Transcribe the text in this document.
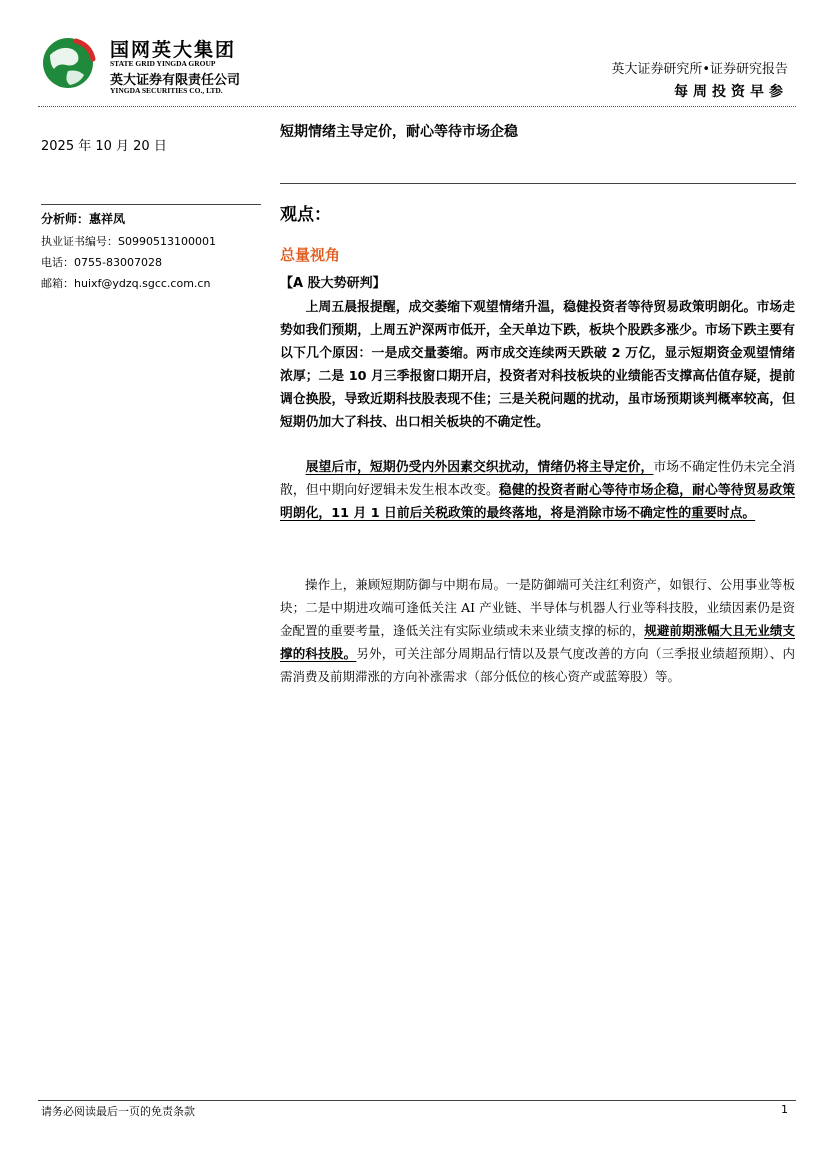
国网英大集团
STATE GRID YINGDA GROUP
英大证券有限责任公司
YINGDA SECURITIES CO., LTD.
英大证券研究所•证券研究报告
每周投资早参
2025 年 10 月 20 日
短期情绪主导定价，耐心等待市场企稳
分析师：惠祥凤
执业证书编号：S0990513100001
电话：0755-83007028
邮箱：huixf@ydzq.sgcc.com.cn
观点：
总量视角
【A 股大势研判】

上周五晨报提醒，成交萎缩下观望情绪升温，稳健投资者等待贸易政策明朗化。市场走势如我们预期，上周五沪深两市低开，全天单边下跌，板块个股跌多涨少。市场下跌主要有以下几个原因：一是成交量萎缩。两市成交连续两天跌破 2 万亿，显示短期资金观望情绪浓厚；二是 10 月三季报窗口期开启，投资者对科技板块的业绩能否支撑高估值存疑，提前调仓换股，导致近期科技股表现不佳；三是关税问题的扰动，虽市场预期谈判概率较高，但短期仍加大了科技、出口相关板块的不确定性。

展望后市，短期仍受内外因素交织扰动，情绪仍将主导定价，市场不确定性仍未完全消散，但中期向好逻辑未发生根本改变。稳健的投资者耐心等待市场企稳，耐心等待贸易政策明朗化，11 月 1 日前后关税政策的最终落地，将是消除市场不确定性的重要时点。

操作上，兼顾短期防御与中期布局。一是防御端可关注红利资产，如银行、公用事业等板块；二是中期进攻端可逢低关注 AI 产业链、半导体与机器人行业等科技股，业绩因素仍是资金配置的重要考量，逢低关注有实际业绩或未来业绩支撑的标的，规避前期涨幅大且无业绩支撑的科技股。另外，可关注部分周期品行情以及景气度改善的方向（三季报业绩超预期）、内需消费及前期滞涨的方向补涨需求（部分低位的核心资产或蓝筹股）等。

请务必阅读最后一页的免责条款	1
